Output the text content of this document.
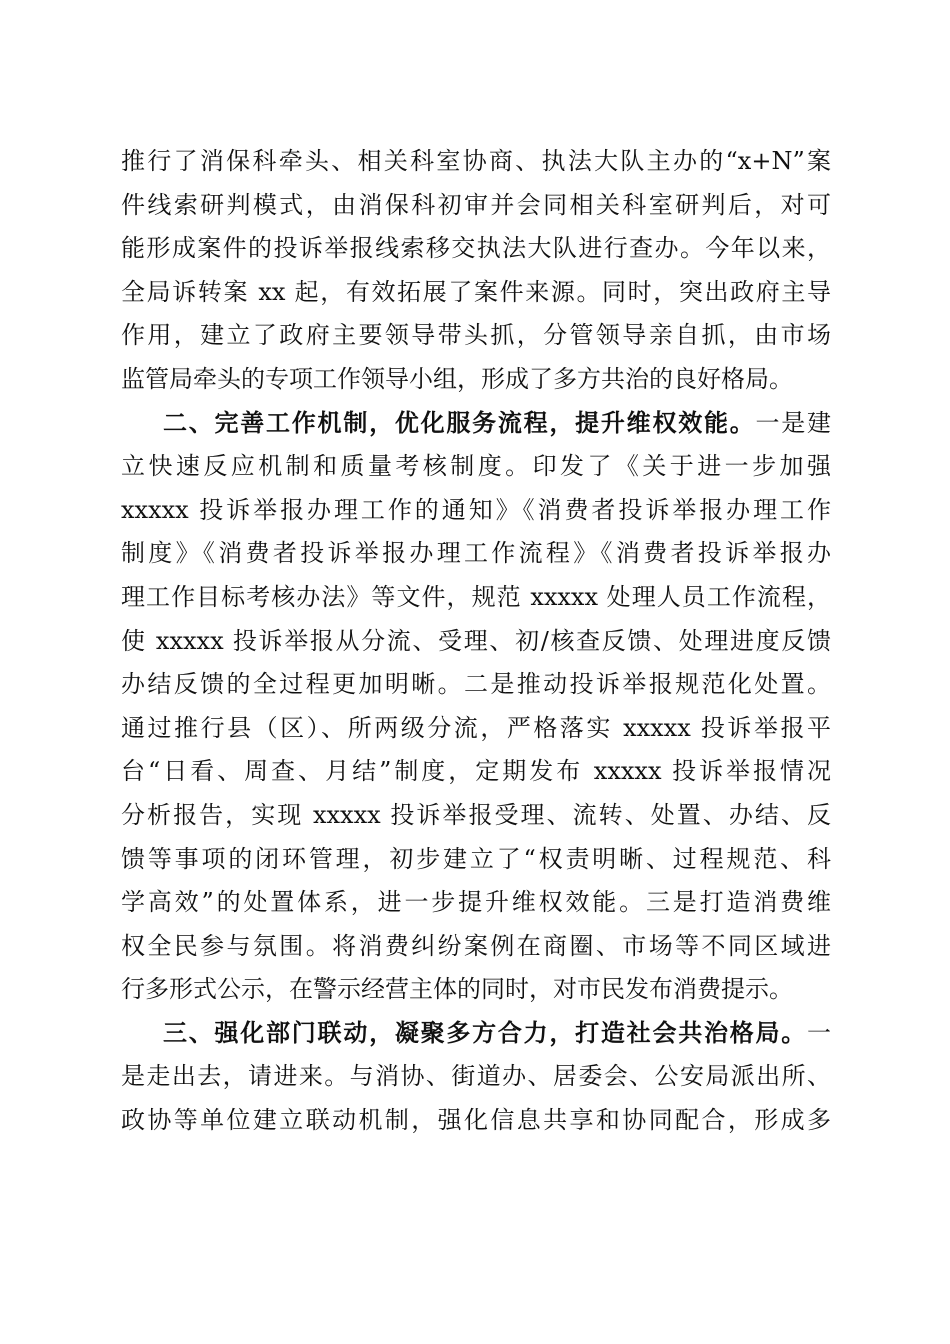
推行了消保科牵头、相关科室协商、执法大队主办的“x+N”案
件线索研判模式，由消保科初审并会同相关科室研判后，对可
能形成案件的投诉举报线索移交执法大队进行查办。今年以来，
全局诉转案 xx 起，有效拓展了案件来源。同时，突出政府主导
作用，建立了政府主要领导带头抓，分管领导亲自抓，由市场
监管局牵头的专项工作领导小组，形成了多方共治的良好格局。
二、完善工作机制，优化服务流程，提升维权效能。一是建
立快速反应机制和质量考核制度。印发了《关于进一步加强
xxxxx 投诉举报办理工作的通知》《消费者投诉举报办理工作
制度》《消费者投诉举报办理工作流程》《消费者投诉举报办
理工作目标考核办法》等文件，规范 xxxxx 处理人员工作流程，
使 xxxxx 投诉举报从分流、受理、初/核查反馈、处理进度反馈
办结反馈的全过程更加明晰。二是推动投诉举报规范化处置。
通过推行县（区）、所两级分流，严格落实 xxxxx 投诉举报平
台“日看、周查、月结”制度，定期发布 xxxxx 投诉举报情况
分析报告，实现 xxxxx 投诉举报受理、流转、处置、办结、反
馈等事项的闭环管理，初步建立了“权责明晰、过程规范、科
学高效”的处置体系，进一步提升维权效能。三是打造消费维
权全民参与氛围。将消费纠纷案例在商圈、市场等不同区域进
行多形式公示，在警示经营主体的同时，对市民发布消费提示。
三、强化部门联动，凝聚多方合力，打造社会共治格局。一
是走出去，请进来。与消协、街道办、居委会、公安局派出所、
政协等单位建立联动机制，强化信息共享和协同配合，形成多
